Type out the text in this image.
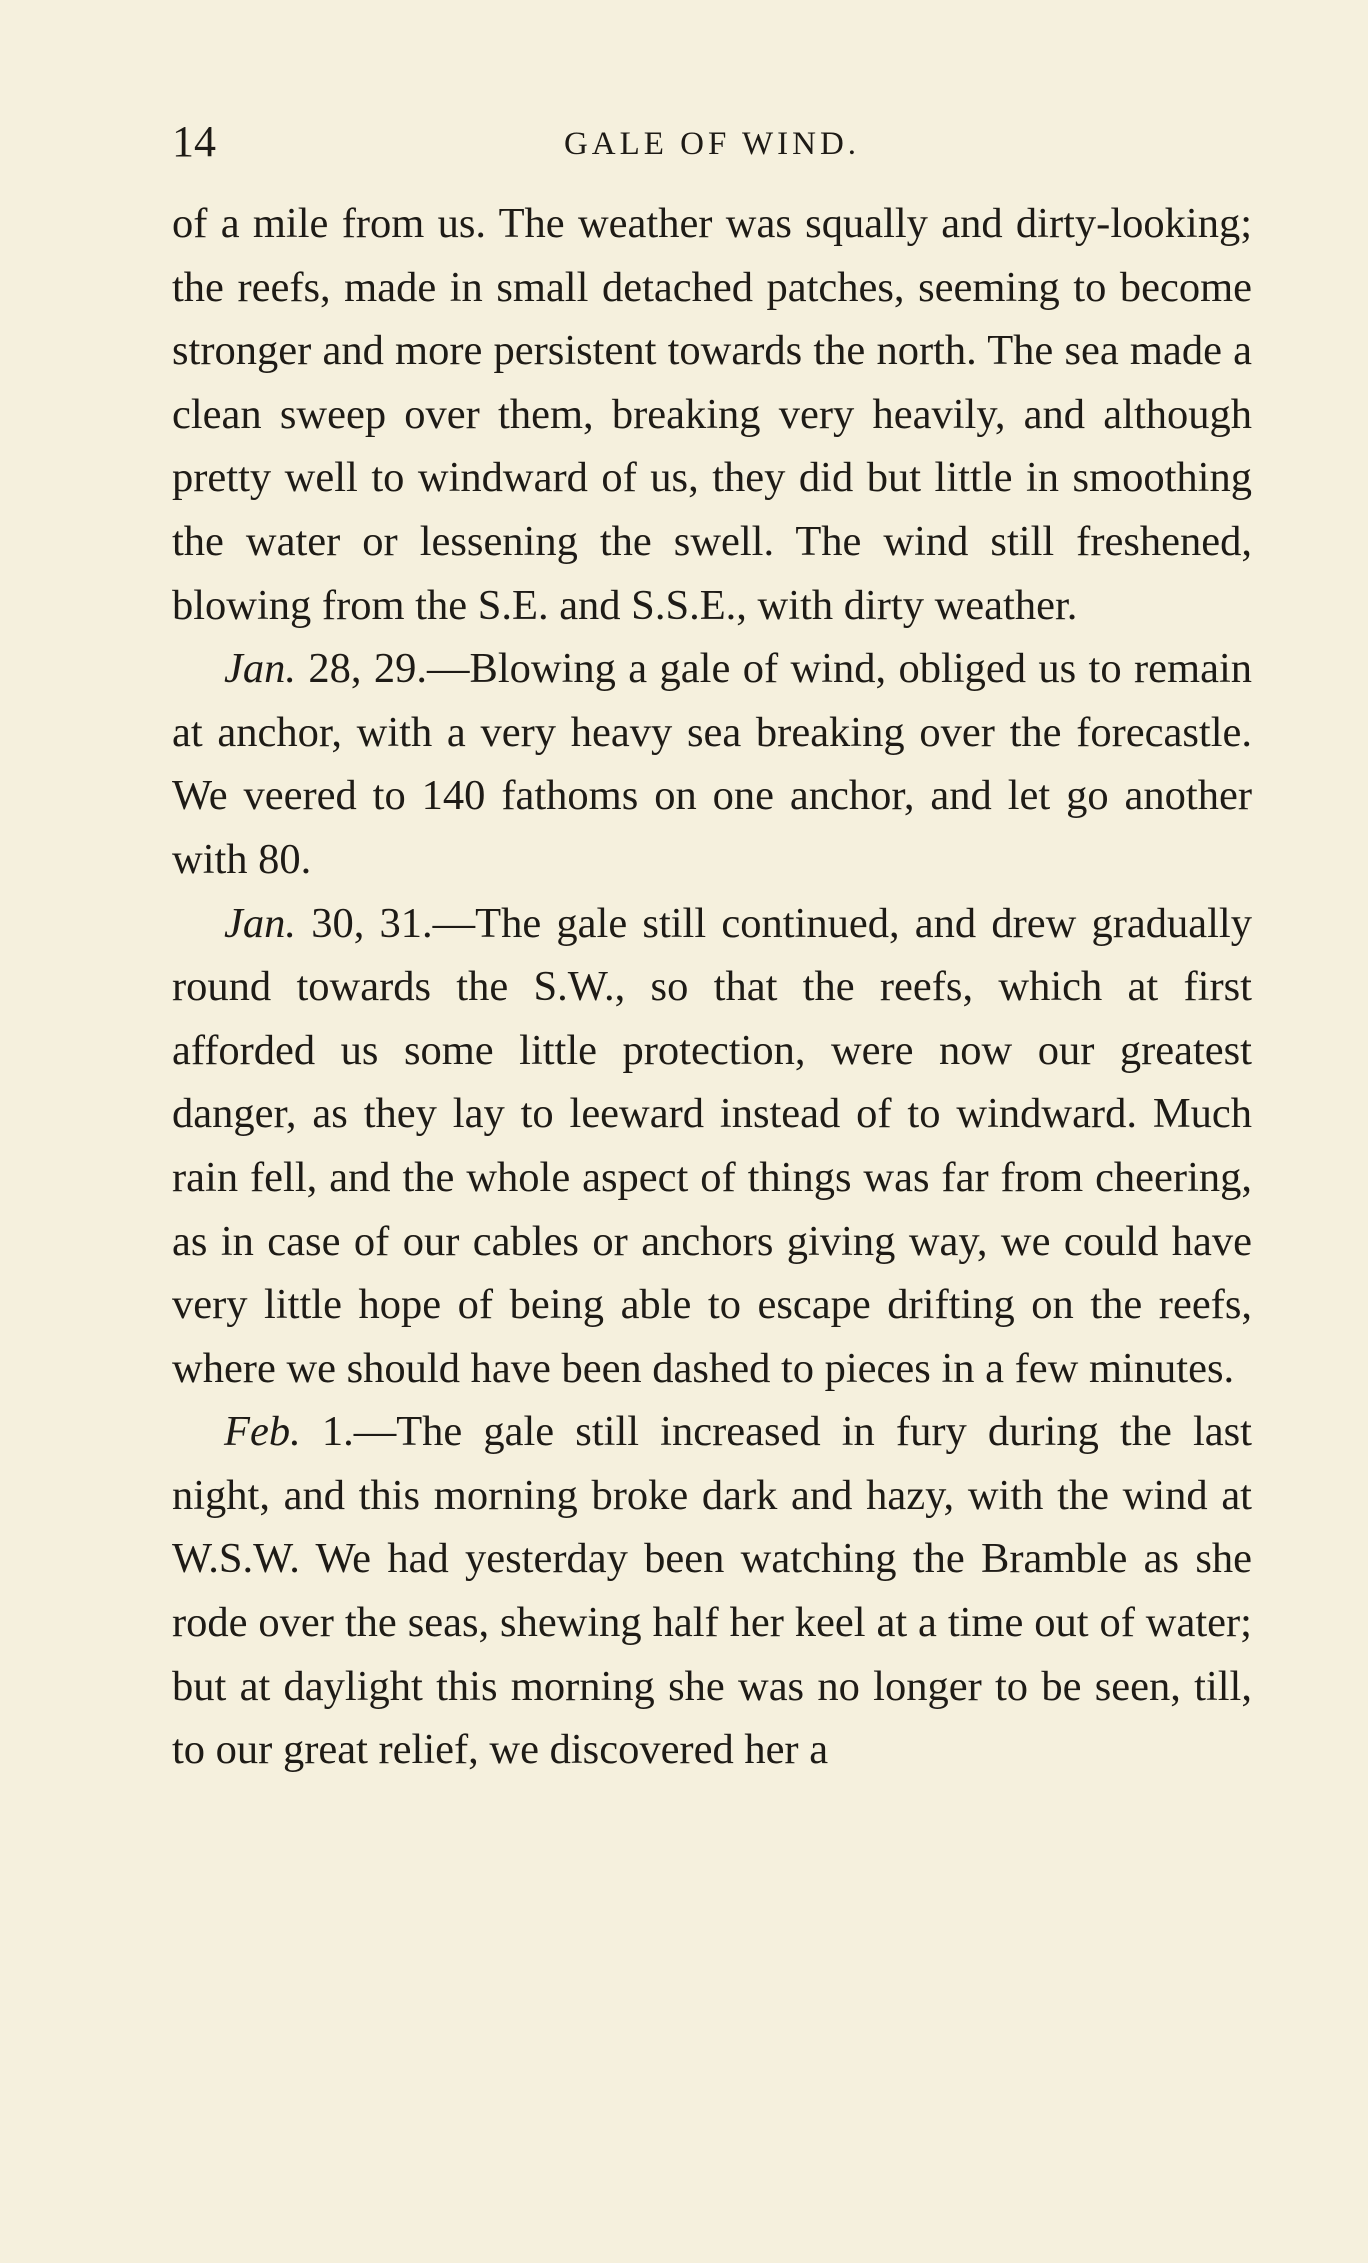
14	GALE OF WIND.

of a mile from us. The weather was squally and dirty-looking; the reefs, made in small detached patches, seeming to become stronger and more persistent towards the north. The sea made a clean sweep over them, breaking very heavily, and although pretty well to windward of us, they did but little in smoothing the water or lessening the swell. The wind still freshened, blowing from the S.E. and S.S.E., with dirty weather.

Jan. 28, 29.—Blowing a gale of wind, obliged us to remain at anchor, with a very heavy sea breaking over the forecastle. We veered to 140 fathoms on one anchor, and let go another with 80.

Jan. 30, 31.—The gale still continued, and drew gradually round towards the S.W., so that the reefs, which at first afforded us some little protection, were now our greatest danger, as they lay to leeward instead of to windward. Much rain fell, and the whole aspect of things was far from cheering, as in case of our cables or anchors giving way, we could have very little hope of being able to escape drifting on the reefs, where we should have been dashed to pieces in a few minutes.

Feb. 1.—The gale still increased in fury during the last night, and this morning broke dark and hazy, with the wind at W.S.W. We had yesterday been watching the Bramble as she rode over the seas, shewing half her keel at a time out of water; but at daylight this morning she was no longer to be seen, till, to our great relief, we discovered her a
